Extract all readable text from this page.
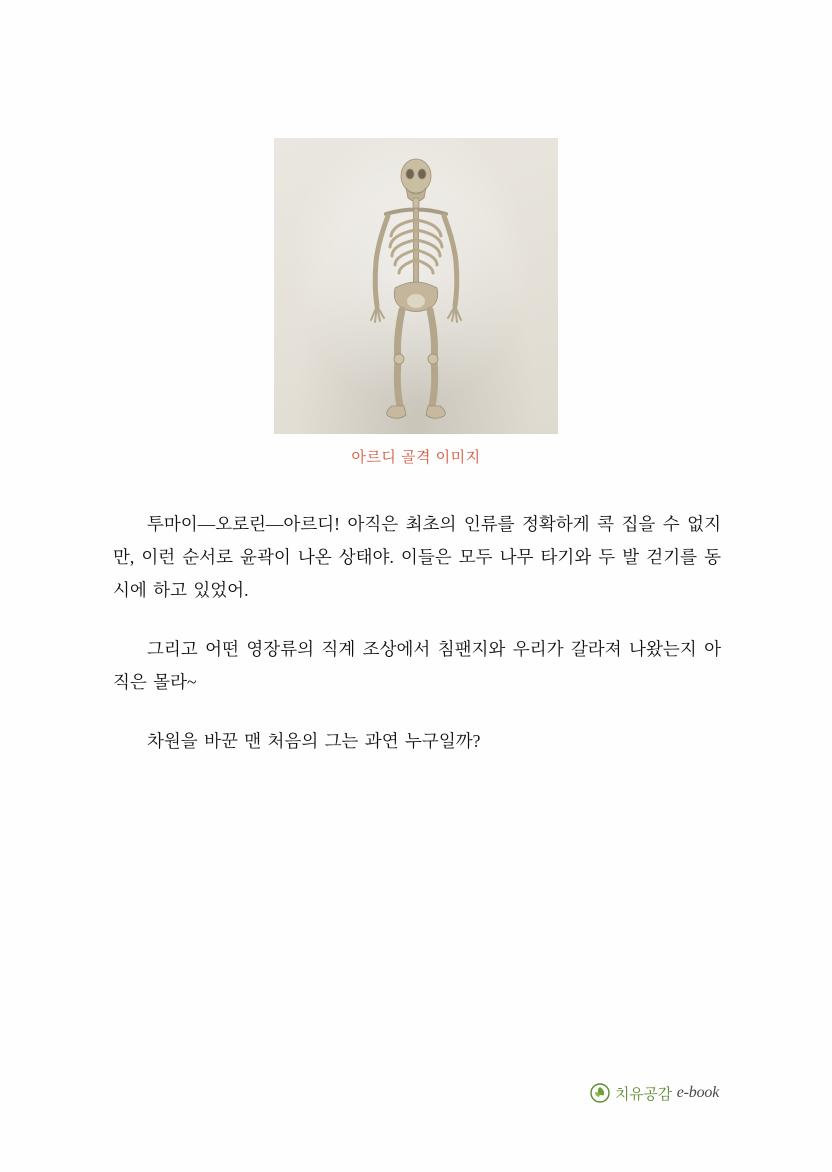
아르디 골격 이미지

투마이—오로린—아르디! 아직은 최초의 인류를 정확하게 콕 집을 수 없지만, 이런 순서로 윤곽이 나온 상태야. 이들은 모두 나무 타기와 두 발 걷기를 동시에 하고 있었어.

그리고 어떤 영장류의 직계 조상에서 침팬지와 우리가 갈라져 나왔는지 아직은 몰라~

차원을 바꾼 맨 처음의 그는 과연 누구일까?

치유공감 e-book
